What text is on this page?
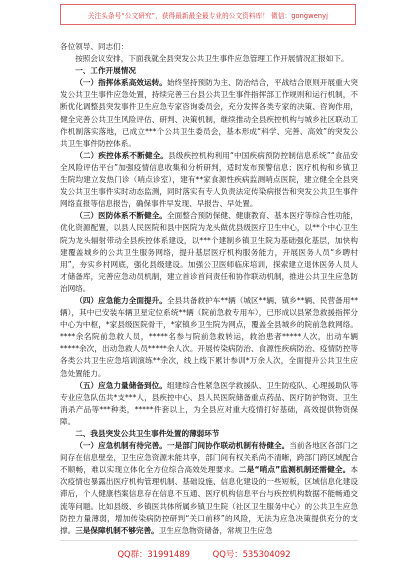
关注头条号“公文研究”，获得最新最全最专业的公文资料库！ 微信：gongwenyj

各位领导、同志们：

按照会议安排，下面我就全县突发公共卫生事件应急管理工作开展情况汇报如下。

一、工作开展情况

（一）指挥体系高效运转。始终坚持预防为主、防治结合，平战结合原则开展重大突发公共卫生事件应急处置，持续完善三台县公共卫生事件指挥部工作规则和运行机制，不断优化调整县突发事件卫生应急专家咨询委员会，充分发挥各类专家的决策、咨询作用，健全完善公共卫生风险评估、研判、决策机制，继续推动全县疾控机构与城乡社区联动工作机制落实落地，已成立***个公共卫生委员会，基本形成“科学、完善、高效”的突发公共卫生事件防控体系。

（二）疾控体系不断健全。县级疾控机构利用“中国疾病预防控制信息系统”“食品安全风险评估平台”加强疫情信息收集和分析研判，适时发布预警信息；医疗机构和乡镇卫生院均建立发热门诊（哨点诊室），建有**家食源性疾病监测哨点医院，建立健全全县突发公共卫生事件实时动态监测，同时落实有专人负责法定传染病报告和突发公共卫生事件网络直报等信息报告，确保事件早发现、早报告、早处置。

（三）医防体系不断健全。全面整合预防保健、健康教育、基本医疗等综合性功能，优化资源配置，以县人民医院和县中医院为龙头做优县级医疗卫生中心，以**个中心卫生院为龙头辐射带动全县疾控体系建设，以***个建制乡镇卫生院为基础强化基层，加快构建覆盖城乡的公共卫生服务网络，提升基层医疗机构服务能力，开展医务人员“乡聘村用”，夯实乡村网底，强化县级建设。加强公卫医师临床培训，探索建立退休医务人员人才储备库，完善应急动员机制，建立首诊首问责任和协作联动机制，推进公共卫生应急防治网络。

（四）应急能力全面提升。全县共备救护车**辆（城区**辆、镇乡**辆、民营备用**辆），其中已安装车辆卫星定位系统**辆（院前急救专用车），已形成以县紧急救援指挥分中心为中枢，*家县级医院骨干，*家镇乡卫生院为网点，覆盖全县城乡的院前急救网络。****余名院前急救人员，*****名参与院前急救转运，救治患者*****人次，出动车辆*****余次，出动急救人员*****余人次。开展传染病防治、食源性疾病防治、疫情防控等各类公共卫生应急培训演练**余次，线上线下累计参训*万余人次，全面提升公共卫生应急处置能力。

（五）应急力量储备到位。组建综合性紧急医学救援队、卫生防疫队、心理援助队等专业应急队伍共*支***人，县疾控中心、县人民医院储备重点药品、医疗防护物资、卫生消杀产品等***种类，*****件套以上，为全县应对重大疫情打好基础，高效提供物资保障。

二、我县突发公共卫生事件处置的薄弱环节

（一）应急机制有待完善。一是部门间协作联动机制有待健全。当前各地区各部门之间存在信息壁垒，卫生应急资源未能共享，部门间有权关系尚不清晰，跨部门跨区域配合不顺畅，难以实现立体化全方位综合高效处理要求。二是“哨点”监测机制还需健全。本次疫情也暴露出医疗机构管理机制、基础设施、信息化建设的一些短板，区域信息化建设滞后，个人健康档案信息存在信息不互通、医疗机构信息平台与疾控机构数据不能畅通交流等问题。比如县级、乡镇医共体所属乡镇卫生院（社区卫生服务中心）的公共卫生应急防控力量薄弱，增加传染病防控研判“关口前移”的风险，无法为应急决策提供充分的支撑。三是保障机制不够完善。卫生应急物资储备，常规卫生应急

QQ群：31991489	QQ号：535304092
